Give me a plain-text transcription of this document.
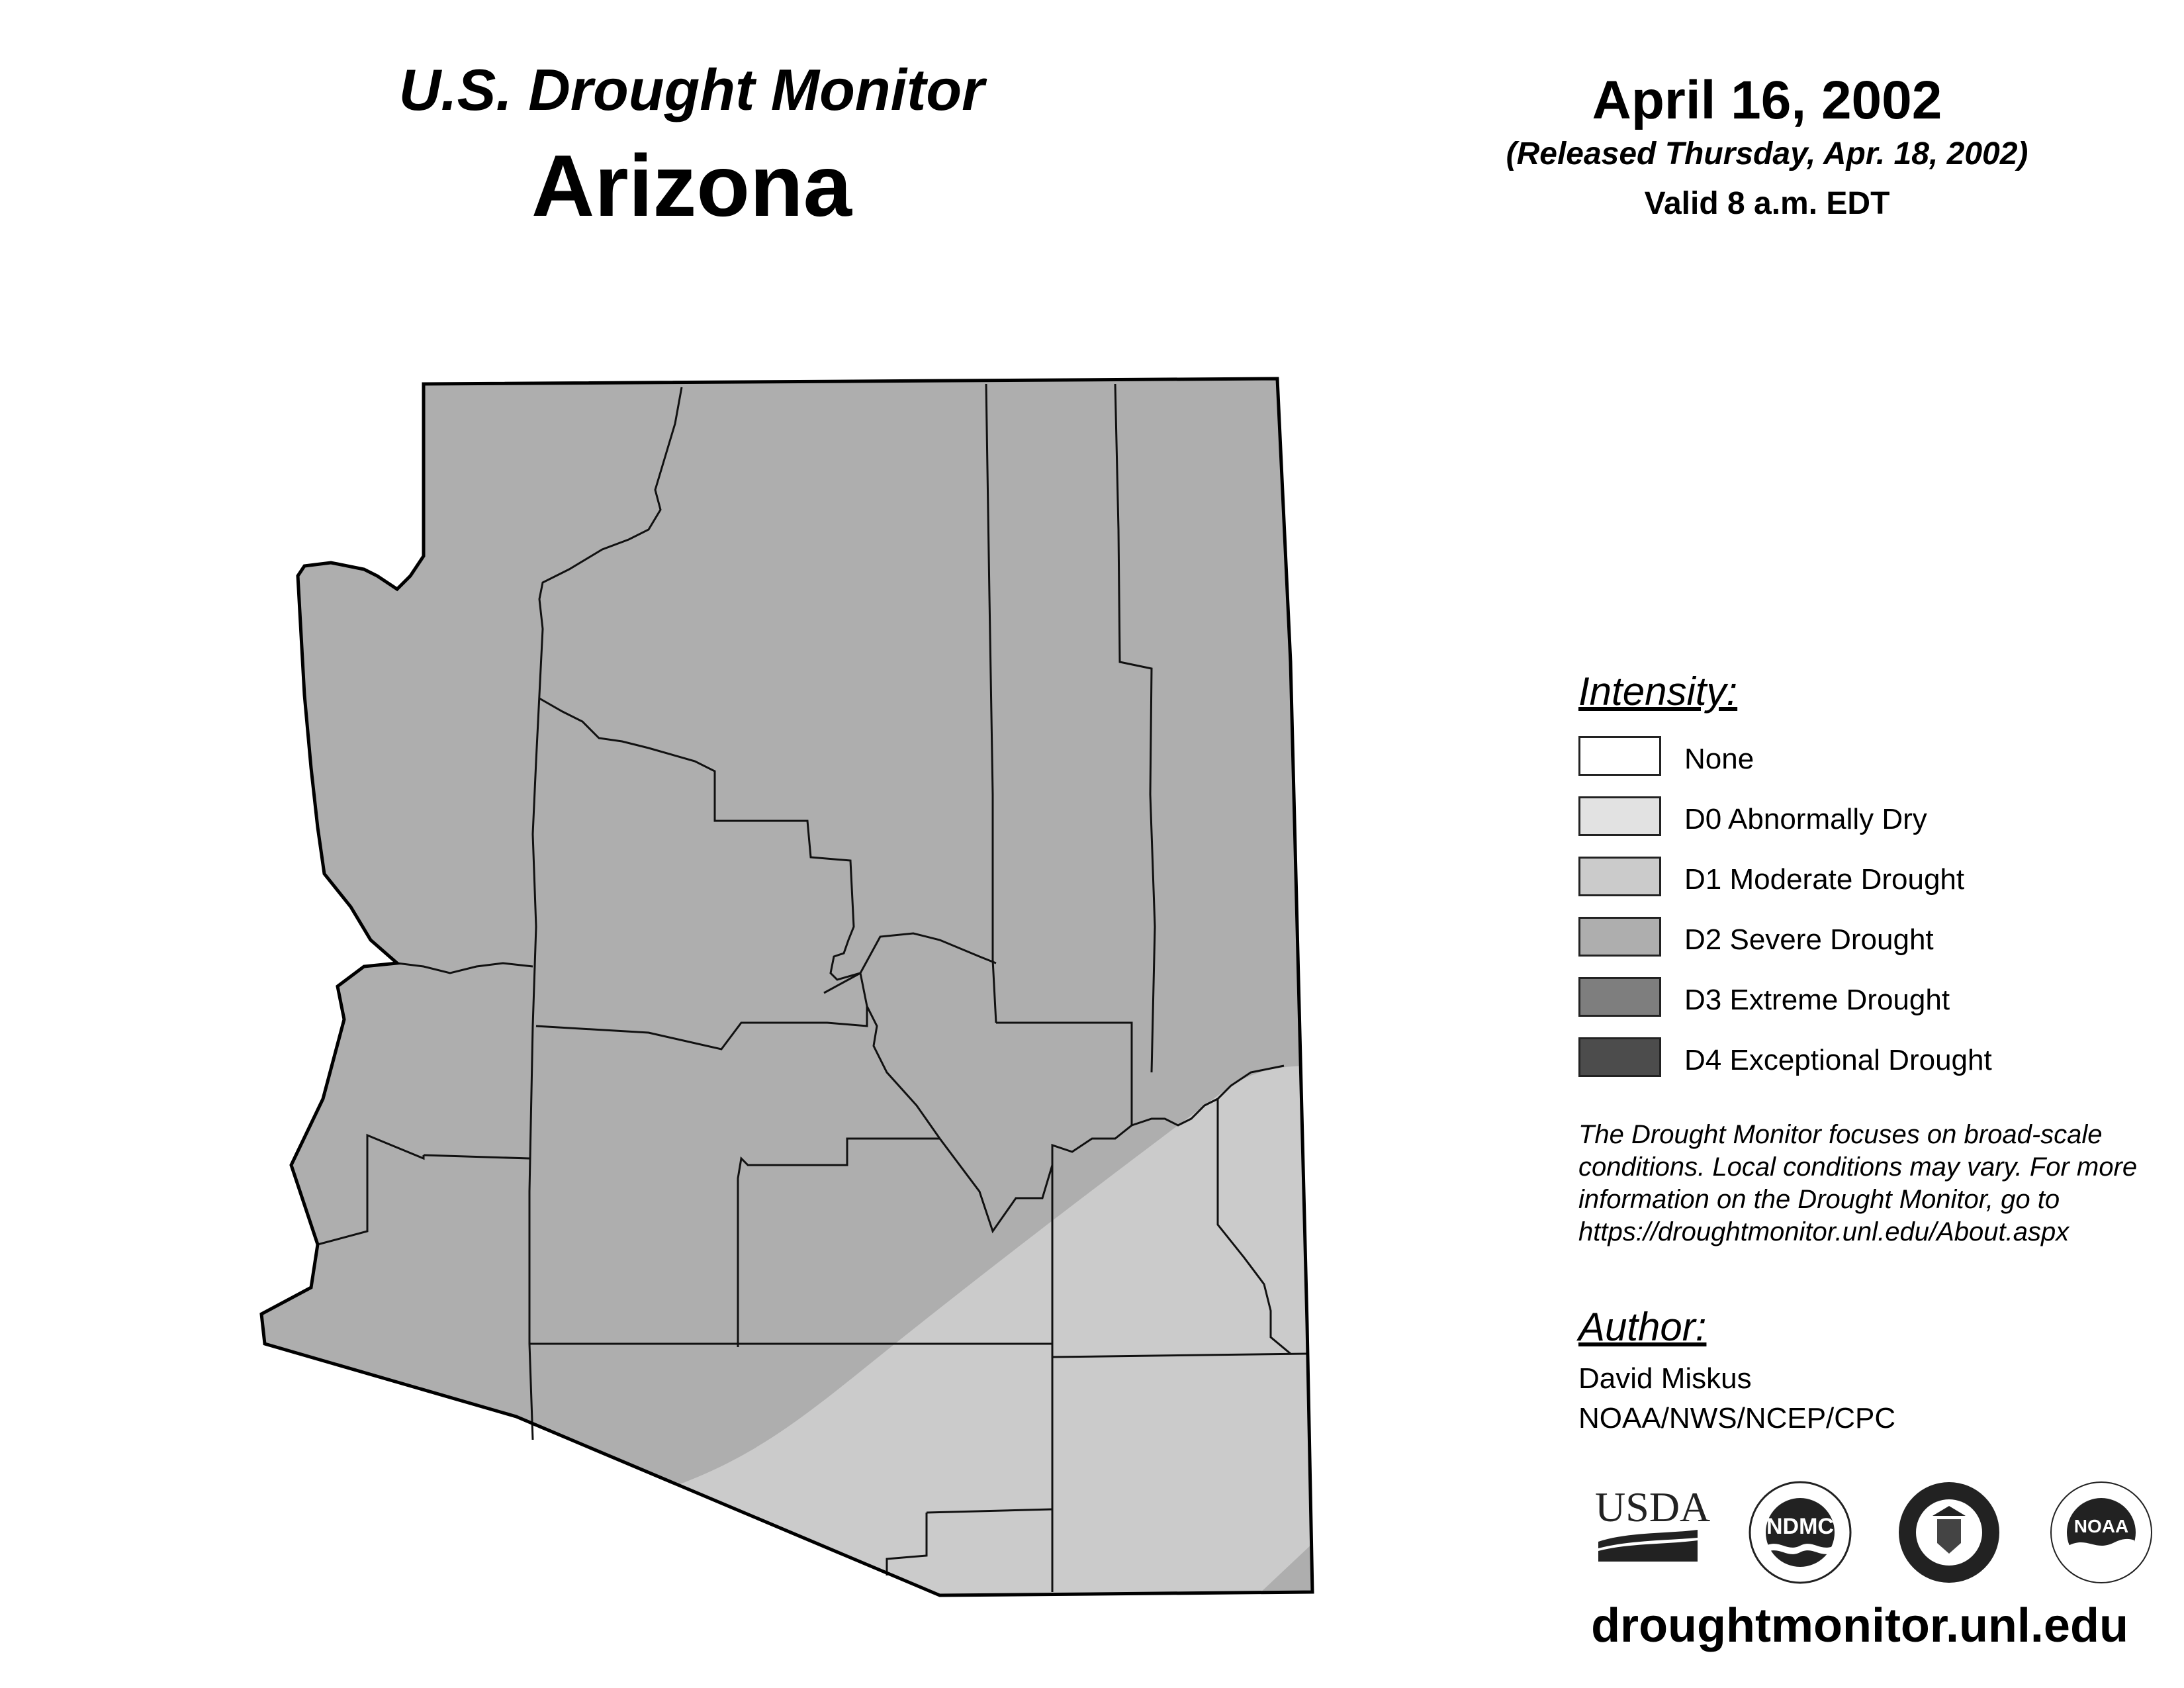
U.S. Drought Monitor
Arizona
April 16, 2002
(Released Thursday, Apr. 18, 2002)
Valid 8 a.m. EDT
Intensity:
None
D0 Abnormally Dry
D1 Moderate Drought
D2 Severe Drought
D3 Extreme Drought
D4 Exceptional Drought
The Drought Monitor focuses on broad-scale
conditions. Local conditions may vary. For more
information on the Drought Monitor, go to
https://droughtmonitor.unl.edu/About.aspx
Author:
David Miskus
NOAA/NWS/NCEP/CPC
USDA	NDMC	NOAA
droughtmonitor.unl.edu
